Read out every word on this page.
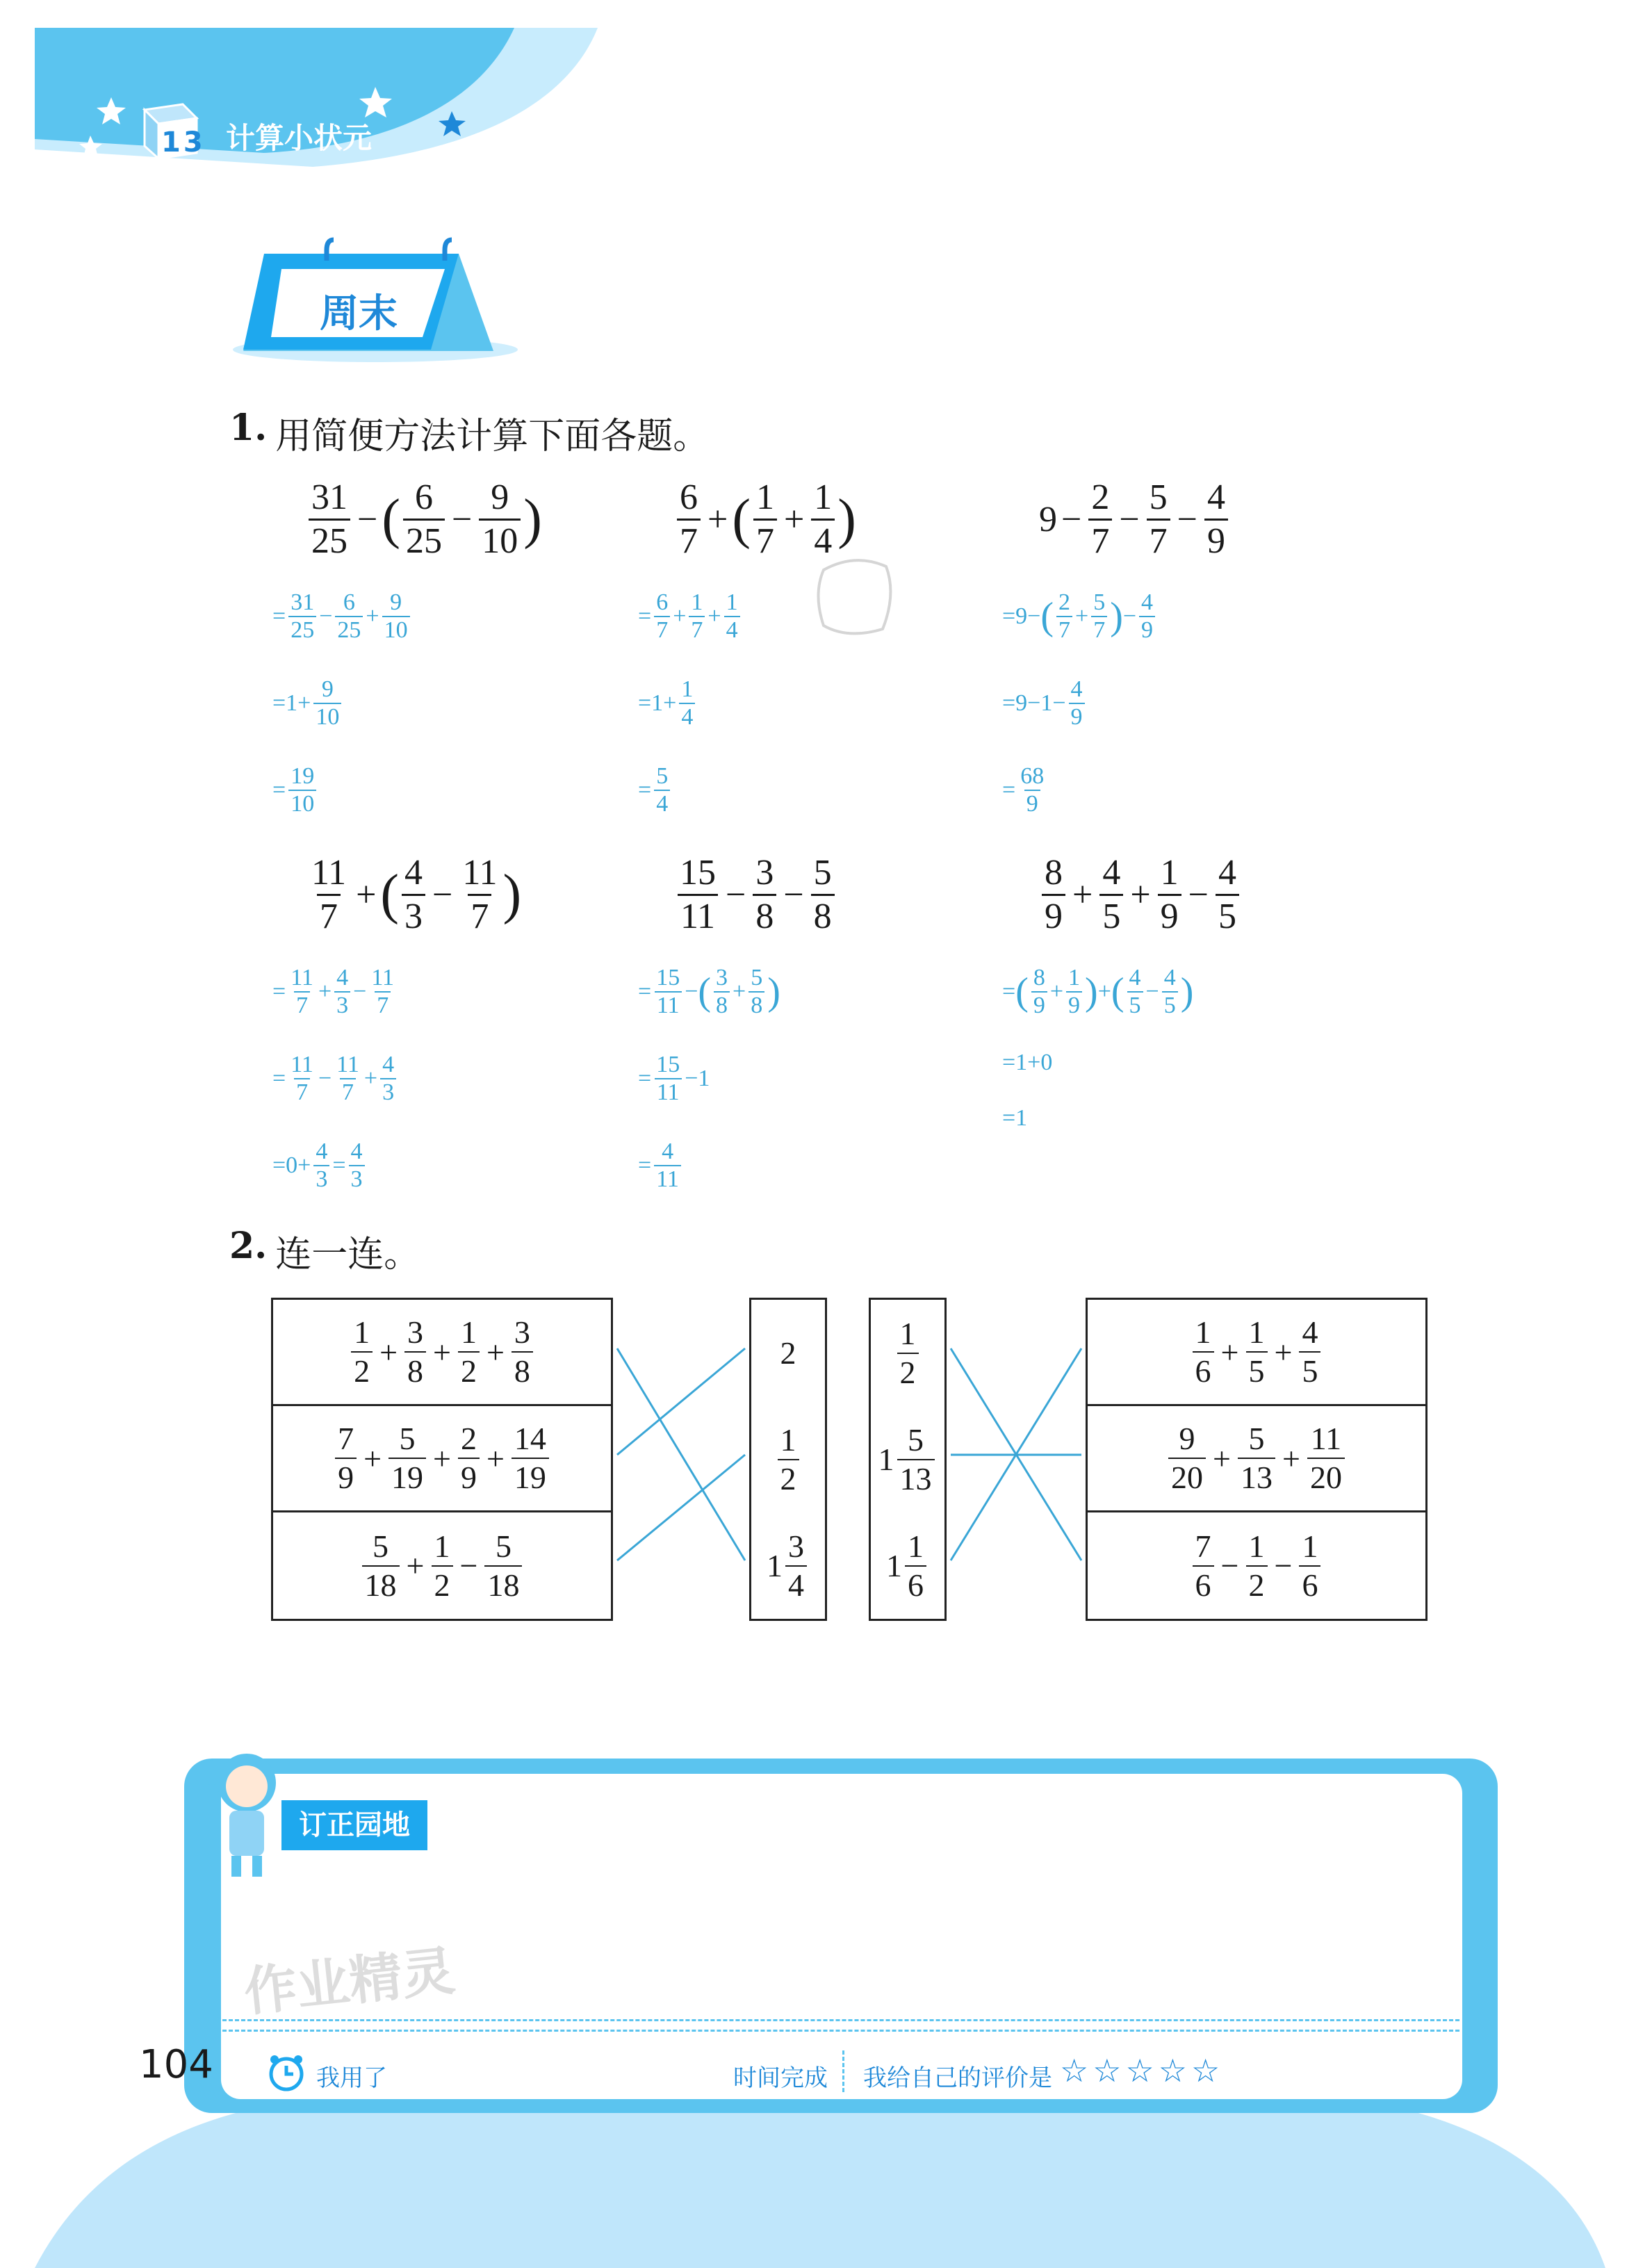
13 计算小状元
周末
1. 用简便方法计算下面各题。
$\frac{31}{25}$ − ( $\frac{6}{25} - \frac{9}{10}$ )
= $\frac{31}{25} - \frac{6}{25} + \frac{9}{10}$
$=1+ \frac{9}{10}$
= $\frac{19}{10}$
$\frac{6}{7}$ + ( $\frac{1}{7} + \frac{1}{4}$ )
= $\frac{6}{7} + \frac{1}{7} + \frac{1}{4}$
$=1+ \frac{1}{4}$
= $\frac{5}{4}$
$9 - \frac{2}{7} - \frac{5}{7} - \frac{4}{9}$
=9− ( $\frac{2}{7} + \frac{5}{7}$ ) − $\frac{4}{9}$
$=9-1- \frac{4}{9}$
= $\frac{68}{9}$
$\frac{11}{7}$ + ( $\frac{4}{3} - \frac{11}{7}$ )
= $\frac{11}{7} + \frac{4}{3} - \frac{11}{7}$
= $\frac{11}{7} - \frac{11}{7} + \frac{4}{3}$
$=0+ \frac{4}{3} = \frac{4}{3}$
$\frac{15}{11} - \frac{3}{8} - \frac{5}{8}$
= $\frac{15}{11}$ − ( $\frac{3}{8} + \frac{5}{8}$ )
= $\frac{15}{11} -1$
= $\frac{4}{11}$
$\frac{8}{9} + \frac{4}{5} + \frac{1}{9} - \frac{4}{5}$
= ( $\frac{8}{9} + \frac{1}{9}$ ) + ( $\frac{4}{5} - \frac{4}{5}$ )
=1+0
=1
2. 连一连。
$\frac{1}{2} + \frac{3}{8} + \frac{1}{2} + \frac{3}{8}$
$\frac{7}{9} + \frac{5}{19} + \frac{2}{9} + \frac{14}{19}$
$\frac{5}{18} + \frac{1}{2} - \frac{5}{18}$
2
$\frac{1}{2}$
$1 \frac{3}{4}$
$\frac{1}{2}$
$1 \frac{5}{13}$
$1 \frac{1}{6}$
$\frac{1}{6} + \frac{1}{5} + \frac{4}{5}$
$\frac{9}{20} + \frac{5}{13} + \frac{11}{20}$
$\frac{7}{6} - \frac{1}{2} - \frac{1}{6}$
订正园地
作业精灵
104	我用了	时间完成 我给自己的评价是 ☆☆☆☆☆
